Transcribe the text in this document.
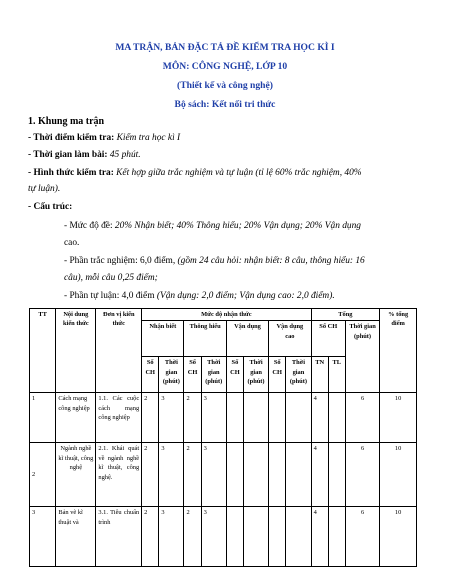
MA TRẬN, BẢN ĐẶC TẢ ĐỀ KIỂM TRA HỌC KÌ I
MÔN: CÔNG NGHỆ, LỚP 10
(Thiết kế và công nghệ)
Bộ sách: Kết nối tri thức
1. Khung ma trận
- Thời điểm kiểm tra: Kiểm tra học kì I
- Thời gian làm bài: 45 phút.
- Hình thức kiểm tra: Kết hợp giữa trắc nghiệm và tự luận (tỉ lệ 60% trắc nghiệm, 40%
tự luận).
- Cấu trúc:
- Mức độ đề: 20% Nhận biết; 40% Thông hiểu; 20% Vận dụng; 20% Vận dụng
cao.
- Phần trắc nghiệm: 6,0 điểm, (gồm 24 câu hỏi: nhận biết: 8 câu, thông hiểu: 16
câu), mỗi câu 0,25 điểm;
- Phần tự luận: 4,0 điểm (Vận dụng: 2,0 điểm; Vận dụng cao: 2,0 điểm).
TT	Nội dung kiến thức	Đơn vị kiến thức	Mức độ nhận thức								Tổng			% tổng điểm
			Nhận biết		Thông hiểu		Vận dụng		Vận dụng cao		Số CH		Thời gian (phút)	
			Số CH	Thời gian (phút)	Số CH	Thời gian (phút)	Số CH	Thời gian (phút)	Số CH	Thời gian (phút)	TN	TL		
1	Cách mạng công nghiệp	1.1. Các cuộc cách mạng công nghiệp	2	3	2	3					4		6	10
2	Ngành nghề kĩ thuật, công nghệ	2.1. Khái quát về ngành nghề kĩ thuật, công nghệ.	2	3	2	3					4		6	10
3	Bản vẽ kĩ thuật và	3.1. Tiêu chuẩn trình	2	3	2	3					4		6	10
